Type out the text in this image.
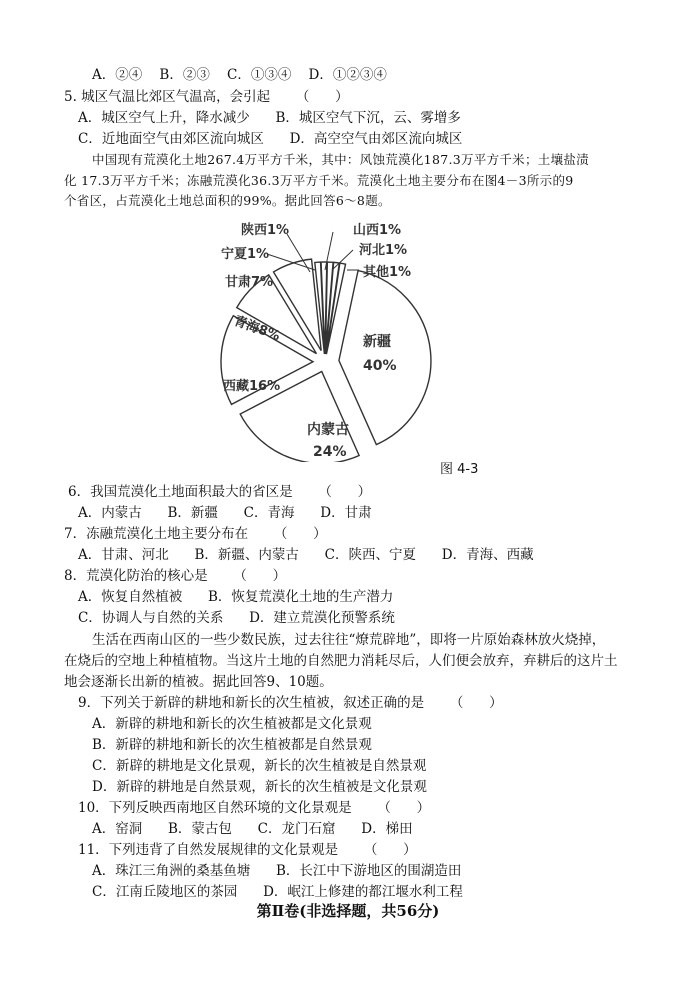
A．②④    B．②③    C．①③④    D．①②③④
5. 城区气温比郊区气温高，会引起      （      ）
A．城区空气上升，降水减少      B．城区空气下沉，云、雾增多
C．近地面空气由郊区流向城区      D．高空空气由郊区流向城区
中国现有荒漠化土地267.4万平方千米，其中：风蚀荒漠化187.3万平方千米；土壤盐渍
化 17.3万平方千米；冻融荒漠化36.3万平方千米。荒漠化土地主要分布在图4－3所示的9
个省区，占荒漠化土地总面积的99%。据此回答6～8题。
新疆
40%
内蒙古
24%
西藏16%
青海8%
甘肃7%
宁夏1%
陕西1%	山西1%
河北1%
其他1%
图 4-3
6．我国荒漠化土地面积最大的省区是      （      ）
A．内蒙古      B．新疆      C．青海      D．甘肃
7．冻融荒漠化土地主要分布在      （      ）
A．甘肃、河北      B．新疆、内蒙古      C．陕西、宁夏      D．青海、西藏
8．荒漠化防治的核心是      （      ）
A．恢复自然植被      B．恢复荒漠化土地的生产潜力
C．协调人与自然的关系      D．建立荒漠化预警系统
生活在西南山区的一些少数民族，过去往往“燎荒辟地”，即将一片原始森林放火烧掉，
在烧后的空地上种植植物。当这片土地的自然肥力消耗尽后，人们便会放弃，弃耕后的这片土
地会逐渐长出新的植被。据此回答9、10题。
9．下列关于新辟的耕地和新长的次生植被，叙述正确的是      （      ）
A．新辟的耕地和新长的次生植被都是文化景观
B．新辟的耕地和新长的次生植被都是自然景观
C．新辟的耕地是文化景观，新长的次生植被是自然景观
D．新辟的耕地是自然景观，新长的次生植被是文化景观
10．下列反映西南地区自然环境的文化景观是      （      ）
A．窑洞      B．蒙古包      C．龙门石窟      D．梯田
11．下列违背了自然发展规律的文化景观是      （      ）
A．珠江三角洲的桑基鱼塘      B．长江中下游地区的围湖造田
C．江南丘陵地区的茶园      D．岷江上修建的都江堰水利工程
第Ⅱ卷(非选择题，共56分)
